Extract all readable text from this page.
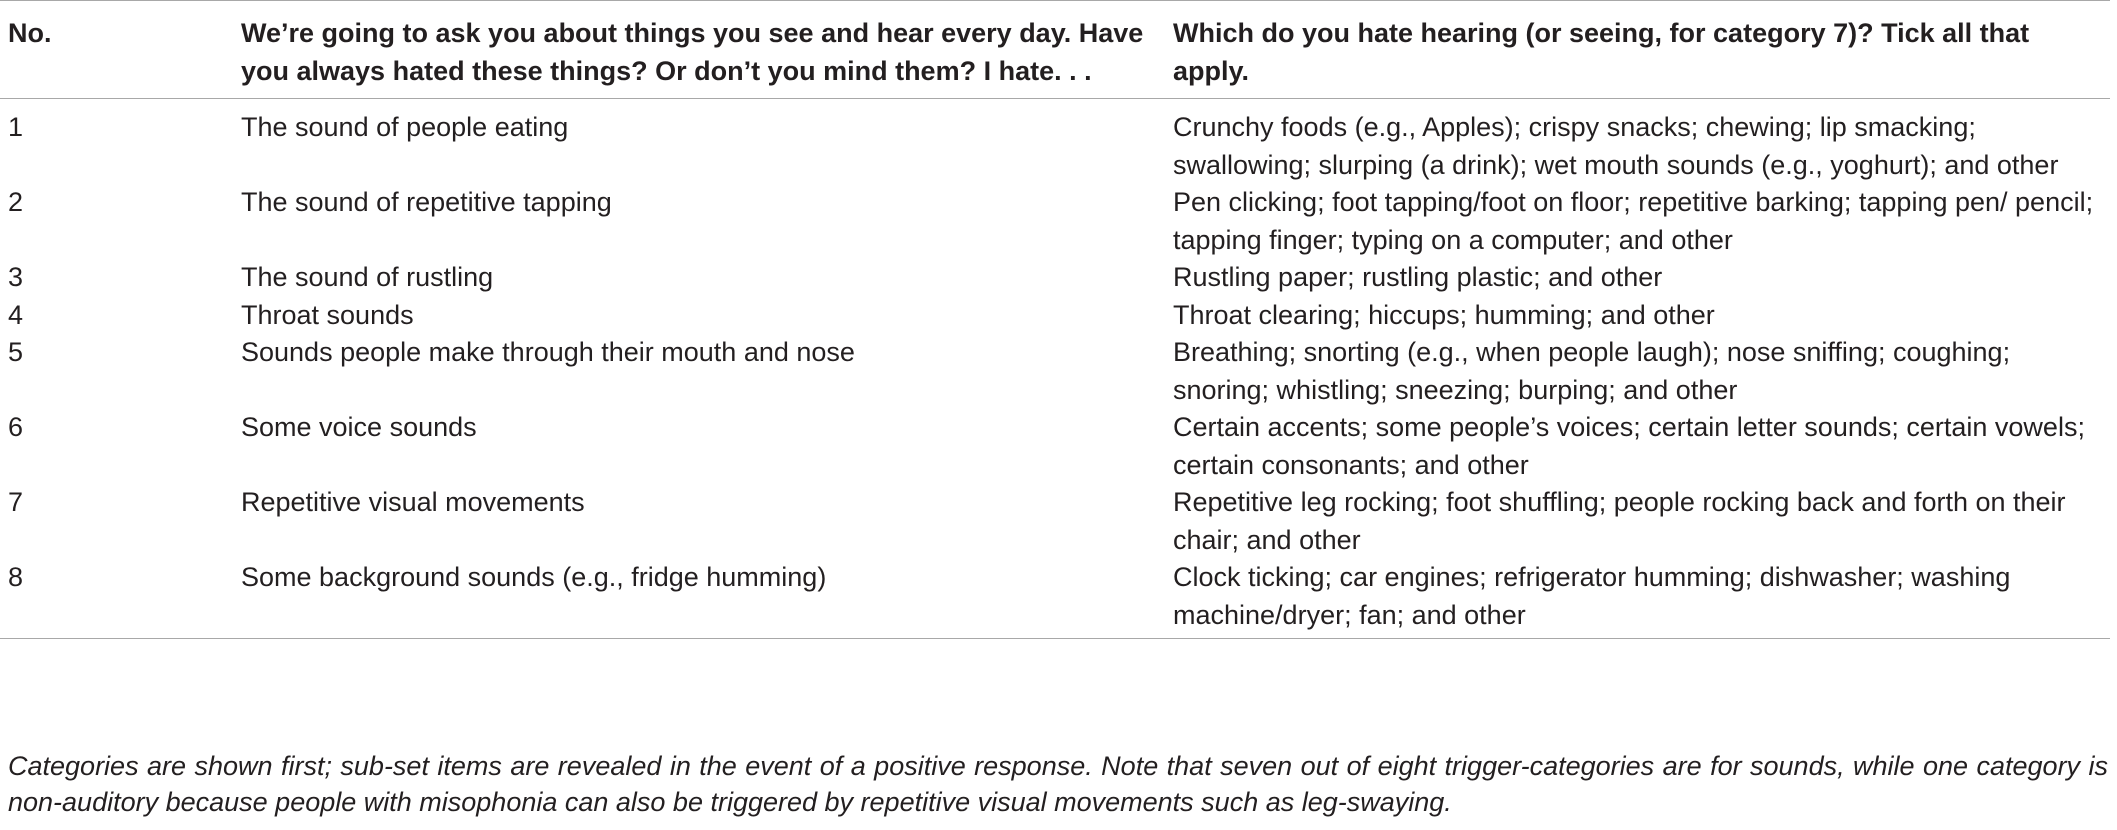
No.	We’re going to ask you about things you see and hear every day. Have you always hated these things? Or don’t you mind them? I hate. . .	Which do you hate hearing (or seeing, for category 7)? Tick all that apply.
1	The sound of people eating	Crunchy foods (e.g., Apples); crispy snacks; chewing; lip smacking; swallowing; slurping (a drink); wet mouth sounds (e.g., yoghurt); and other
2	The sound of repetitive tapping	Pen clicking; foot tapping/foot on floor; repetitive barking; tapping pen/ pencil; tapping finger; typing on a computer; and other
3	The sound of rustling	Rustling paper; rustling plastic; and other
4	Throat sounds	Throat clearing; hiccups; humming; and other
5	Sounds people make through their mouth and nose	Breathing; snorting (e.g., when people laugh); nose sniffing; coughing; snoring; whistling; sneezing; burping; and other
6	Some voice sounds	Certain accents; some people’s voices; certain letter sounds; certain vowels; certain consonants; and other
7	Repetitive visual movements	Repetitive leg rocking; foot shuffling; people rocking back and forth on their chair; and other
8	Some background sounds (e.g., fridge humming)	Clock ticking; car engines; refrigerator humming; dishwasher; washing machine/dryer; fan; and other

Categories are shown first; sub-set items are revealed in the event of a positive response. Note that seven out of eight trigger-categories are for sounds, while one category is non-auditory because people with misophonia can also be triggered by repetitive visual movements such as leg-swaying.
